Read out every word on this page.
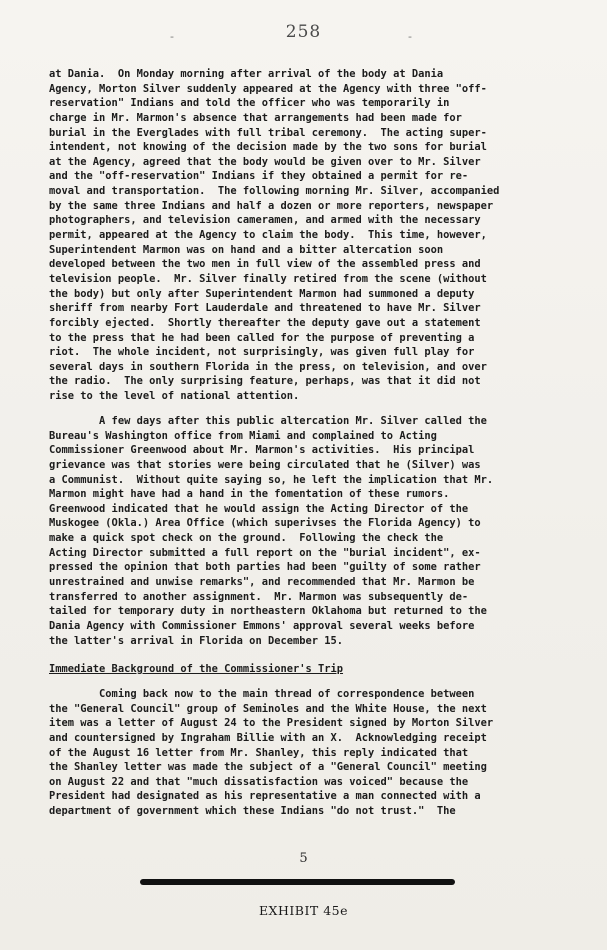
258
-	-
at Dania.  On Monday morning after arrival of the body at Dania
Agency, Morton Silver suddenly appeared at the Agency with three "off-
reservation" Indians and told the officer who was temporarily in
charge in Mr. Marmon's absence that arrangements had been made for
burial in the Everglades with full tribal ceremony.  The acting super-
intendent, not knowing of the decision made by the two sons for burial
at the Agency, agreed that the body would be given over to Mr. Silver
and the "off-reservation" Indians if they obtained a permit for re-
moval and transportation.  The following morning Mr. Silver, accompanied
by the same three Indians and half a dozen or more reporters, newspaper
photographers, and television cameramen, and armed with the necessary
permit, appeared at the Agency to claim the body.  This time, however,
Superintendent Marmon was on hand and a bitter altercation soon
developed between the two men in full view of the assembled press and
television people.  Mr. Silver finally retired from the scene (without
the body) but only after Superintendent Marmon had summoned a deputy
sheriff from nearby Fort Lauderdale and threatened to have Mr. Silver
forcibly ejected.  Shortly thereafter the deputy gave out a statement
to the press that he had been called for the purpose of preventing a
riot.  The whole incident, not surprisingly, was given full play for
several days in southern Florida in the press, on television, and over
the radio.  The only surprising feature, perhaps, was that it did not
rise to the level of national attention.
A few days after this public altercation Mr. Silver called the
Bureau's Washington office from Miami and complained to Acting
Commissioner Greenwood about Mr. Marmon's activities.  His principal
grievance was that stories were being circulated that he (Silver) was
a Communist.  Without quite saying so, he left the implication that Mr.
Marmon might have had a hand in the fomentation of these rumors.
Greenwood indicated that he would assign the Acting Director of the
Muskogee (Okla.) Area Office (which superivses the Florida Agency) to
make a quick spot check on the ground.  Following the check the
Acting Director submitted a full report on the "burial incident", ex-
pressed the opinion that both parties had been "guilty of some rather
unrestrained and unwise remarks", and recommended that Mr. Marmon be
transferred to another assignment.  Mr. Marmon was subsequently de-
tailed for temporary duty in northeastern Oklahoma but returned to the
Dania Agency with Commissioner Emmons' approval several weeks before
the latter's arrival in Florida on December 15.
Immediate Background of the Commissioner's Trip
Coming back now to the main thread of correspondence between
the "General Council" group of Seminoles and the White House, the next
item was a letter of August 24 to the President signed by Morton Silver
and countersigned by Ingraham Billie with an X.  Acknowledging receipt
of the August 16 letter from Mr. Shanley, this reply indicated that
the Shanley letter was made the subject of a "General Council" meeting
on August 22 and that "much dissatisfaction was voiced" because the
President had designated as his representative a man connected with a
department of government which these Indians "do not trust."  The
5
EXHIBIT 45e
